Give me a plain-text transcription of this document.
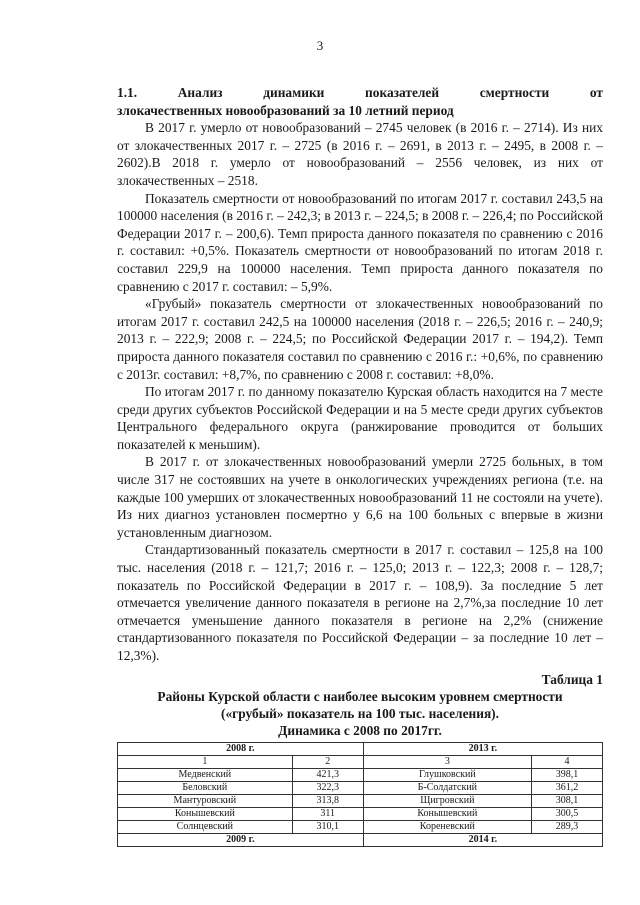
3

1.1. Анализ динамики показателей смертности от
злокачественных новообразований за 10 летний период

В 2017 г. умерло от новообразований – 2745 человек (в 2016 г. – 2714). Из них от злокачественных 2017 г. – 2725 (в 2016 г. – 2691, в 2013 г. – 2495, в 2008 г. – 2602).В 2018 г. умерло от новообразований – 2556 человек, из них от злокачественных – 2518.

Показатель смертности от новообразований по итогам 2017 г. составил 243,5 на 100000 населения (в 2016 г. – 242,3; в 2013 г. – 224,5; в 2008 г. – 226,4; по Российской Федерации 2017 г. – 200,6). Темп прироста данного показателя по сравнению с 2016 г. составил: +0,5%. Показатель смертности от новообразований по итогам 2018 г. составил 229,9 на 100000 населения. Темп прироста данного показателя по сравнению с 2017 г. составил: – 5,9%.

«Грубый» показатель смертности от злокачественных новообразований по итогам 2017 г. составил 242,5 на 100000 населения (2018 г. – 226,5; 2016 г. – 240,9; 2013 г. – 222,9; 2008 г. – 224,5; по Российской Федерации 2017 г. – 194,2). Темп прироста данного показателя составил по сравнению с 2016 г.: +0,6%, по сравнению с 2013г. составил: +8,7%, по сравнению с 2008 г. составил: +8,0%.

По итогам 2017 г. по данному показателю Курская область находится на 7 месте среди других субъектов Российской Федерации и на 5 месте среди других субъектов Центрального федерального округа (ранжирование проводится от больших показателей к меньшим).

В 2017 г. от злокачественных новообразований умерли 2725 больных, в том числе 317 не состоявших на учете в онкологических учреждениях региона (т.е. на каждые 100 умерших от злокачественных новообразований 11 не состояли на учете). Из них диагноз установлен посмертно у 6,6 на 100 больных с впервые в жизни установленным диагнозом.

Стандартизованный показатель смертности в 2017 г. составил – 125,8 на 100 тыс. населения (2018 г. – 121,7; 2016 г. – 125,0; 2013 г. – 122,3; 2008 г. – 128,7; показатель по Российской Федерации в 2017 г. – 108,9). За последние 5 лет отмечается увеличение данного показателя в регионе на 2,7%,за последние 10 лет отмечается уменьшение данного показателя в регионе на 2,2% (снижение стандартизованного показателя по Российской Федерации – за последние 10 лет – 12,3%).

Таблица 1

Районы Курской области с наиболее высоким уровнем смертности

(«грубый» показатель на 100 тыс. населения).

Динамика с 2008 по 2017гг.

2008 г.		2013 г.	
1	2	3	4
Медвенский	421,3	Глушковский	398,1
Беловский	322,3	Б-Солдатский	361,2
Мантуровский	313,8	Щигровский	308,1
Конышевский	311	Конышевский	300,5
Солнцевский	310,1	Кореневский	289,3
2009 г.		2014 г.	
